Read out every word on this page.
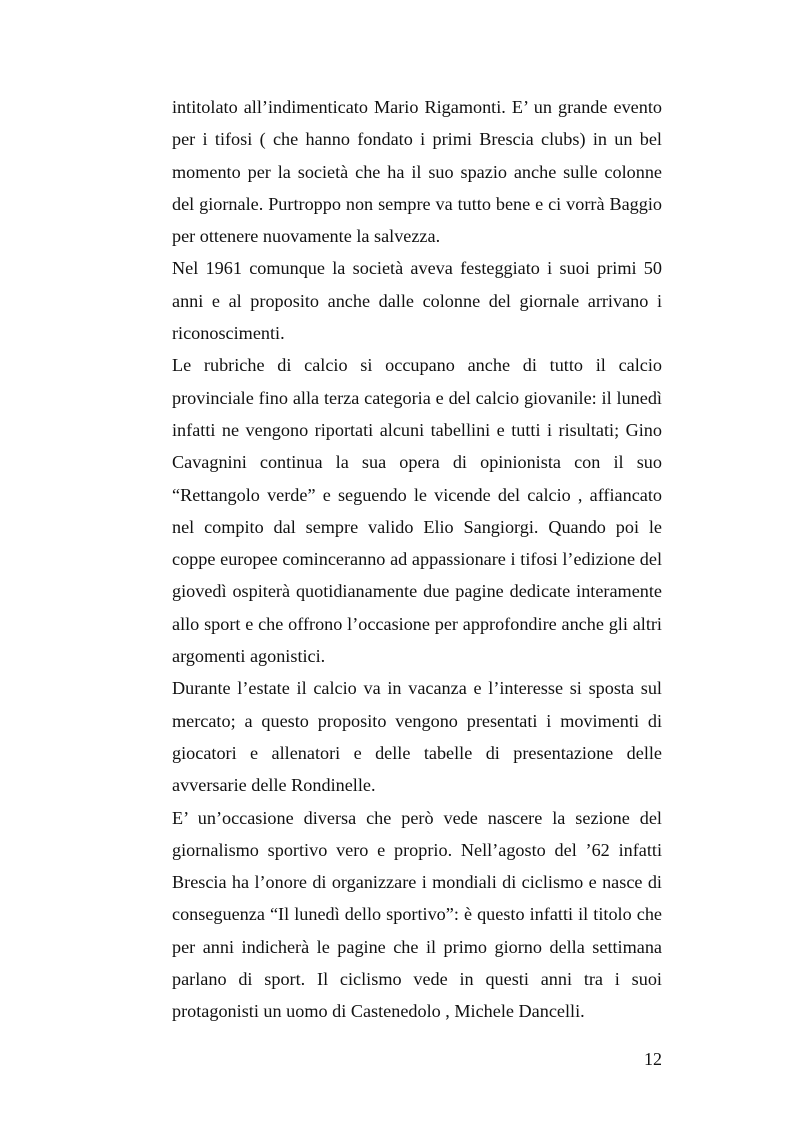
intitolato all’indimenticato Mario Rigamonti. E’ un grande evento per i tifosi ( che hanno fondato i primi Brescia clubs) in un bel momento per la società che ha il suo spazio anche sulle colonne del giornale. Purtroppo non sempre va tutto bene e ci vorrà Baggio per ottenere nuovamente la salvezza.

Nel 1961 comunque la società aveva festeggiato i suoi primi 50 anni e al proposito anche dalle colonne del giornale arrivano i riconoscimenti.

Le rubriche di calcio si occupano anche di tutto il calcio provinciale fino alla terza categoria e del calcio giovanile: il lunedì infatti ne vengono riportati alcuni tabellini e tutti i risultati; Gino Cavagnini continua la sua opera di opinionista con il suo “Rettangolo verde” e seguendo le vicende del calcio , affiancato nel compito dal sempre valido Elio Sangiorgi. Quando poi le coppe europee cominceranno ad appassionare i tifosi l’edizione del giovedì ospiterà quotidianamente due pagine dedicate interamente allo sport e che offrono l’occasione per approfondire anche gli altri argomenti agonistici.

Durante l’estate il calcio va in vacanza e l’interesse si sposta sul mercato; a questo proposito vengono presentati i movimenti di giocatori e allenatori e delle tabelle di presentazione delle avversarie delle Rondinelle.

E’ un’occasione diversa che però vede nascere la sezione del giornalismo sportivo vero e proprio. Nell’agosto del ’62 infatti Brescia ha l’onore di organizzare i mondiali di ciclismo e nasce di conseguenza “Il lunedì dello sportivo”: è questo infatti il titolo che per anni indicherà le pagine che il primo giorno della settimana parlano di sport. Il ciclismo vede in questi anni tra i suoi protagonisti un uomo di Castenedolo , Michele Dancelli.

12
